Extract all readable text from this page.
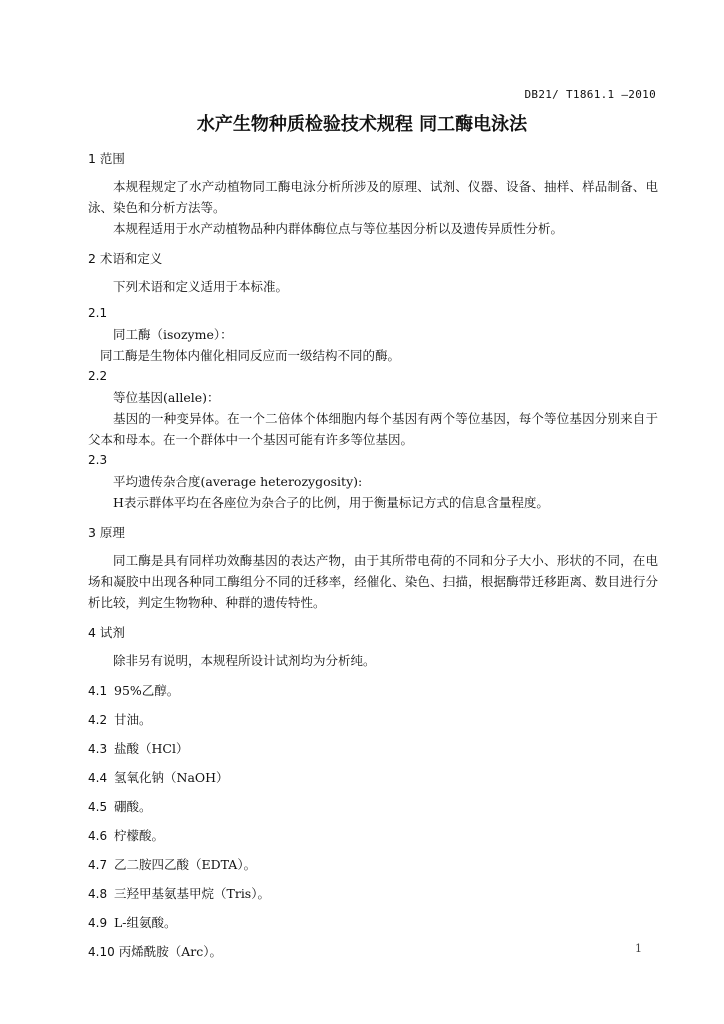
DB21/ T1861.1 —2010
水产生物种质检验技术规程 同工酶电泳法
1 范围
本规程规定了水产动植物同工酶电泳分析所涉及的原理、试剂、仪器、设备、抽样、样品制备、电泳、染色和分析方法等。
本规程适用于水产动植物品种内群体酶位点与等位基因分析以及遗传异质性分析。
2 术语和定义
下列术语和定义适用于本标准。
2.1
同工酶（isozyme）：
同工酶是生物体内催化相同反应而一级结构不同的酶。
2.2
等位基因(allele)：
基因的一种变异体。在一个二倍体个体细胞内每个基因有两个等位基因，每个等位基因分别来自于父本和母本。在一个群体中一个基因可能有许多等位基因。
2.3
平均遗传杂合度(average heterozygosity):
H表示群体平均在各座位为杂合子的比例，用于衡量标记方式的信息含量程度。
3 原理
同工酶是具有同样功效酶基因的表达产物，由于其所带电荷的不同和分子大小、形状的不同，在电场和凝胶中出现各种同工酶组分不同的迁移率，经催化、染色、扫描，根据酶带迁移距离、数目进行分析比较，判定生物物种、种群的遗传特性。
4 试剂
除非另有说明，本规程所设计试剂均为分析纯。
4.1 95%乙醇。
4.2 甘油。
4.3 盐酸（HCl）
4.4 氢氧化钠（NaOH）
4.5 硼酸。
4.6 柠檬酸。
4.7 乙二胺四乙酸（EDTA）。
4.8 三羟甲基氨基甲烷（Tris）。
4.9 L-组氨酸。
4.10 丙烯酰胺（Arc）。	1
